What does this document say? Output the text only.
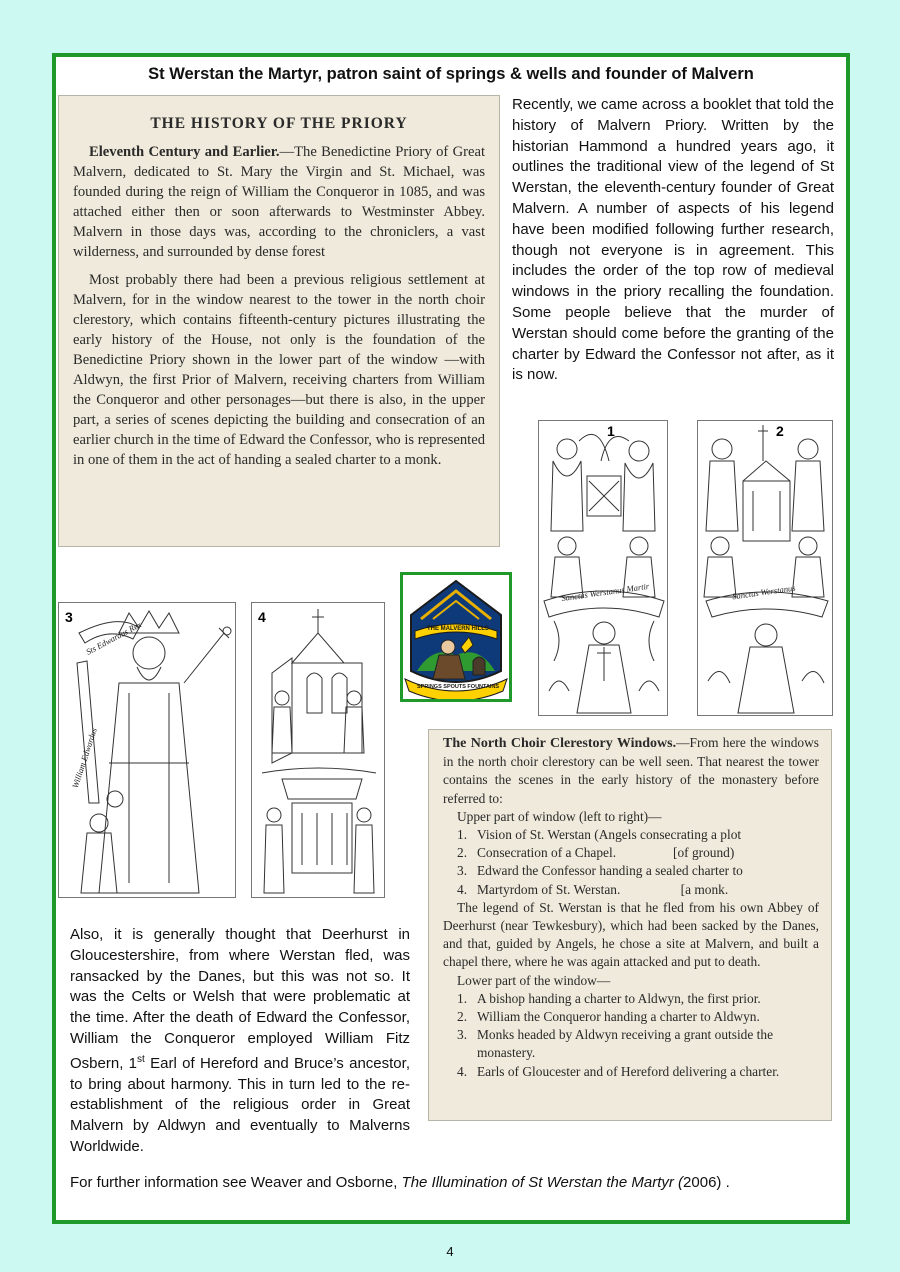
St Werstan the Martyr, patron saint of springs & wells and founder of Malvern
THE HISTORY OF THE PRIORY

Eleventh Century and Earlier.—The Benedictine Priory of Great Malvern, dedicated to St. Mary the Virgin and St. Michael, was founded during the reign of William the Conqueror in 1085, and was attached either then or soon afterwards to Westminster Abbey. Malvern in those days was, according to the chroniclers, a vast wilderness, and surrounded by dense forest

Most probably there had been a previous religious settlement at Malvern, for in the window nearest to the tower in the north choir clerestory, which contains fifteenth-century pictures illustrating the early history of the House, not only is the foundation of the Benedictine Priory shown in the lower part of the window —with Aldwyn, the first Prior of Malvern, receiving charters from William the Conqueror and other personages—but there is also, in the upper part, a series of scenes depicting the building and consecration of an earlier church in the time of Edward the Confessor, who is represented in one of them in the act of handing a sealed charter to a monk.

Recently, we came across a booklet that told the history of Malvern Priory. Written by the historian Hammond a hundred years ago, it outlines the traditional view of the legend of St Werstan, the eleventh-century founder of Great Malvern. A number of aspects of his legend have been modified following further research, though not everyone is in agreement. This includes the order of the top row of medieval windows in the priory recalling the foundation. Some people believe that the murder of Werstan should come before the granting of the charter by Edward the Confessor not after, as it is now.
1
Sanctus Werstanus Martir
2
Sanctus Werstanus
3
Sts Edwardus Rex
William Edwardus
4
THE MALVERN HILLS
SPRINGS SPOUTS FOUNTAINS

The North Choir Clerestory Windows.—From here the windows in the north choir clerestory can be well seen. That nearest the tower contains the scenes in the early history of the monastery before referred to:

Upper part of window (left to right)—

1. Vision of St. Werstan (Angels consecrating a plot
2. Consecration of a Chapel.                 [of ground)
3. Edward the Confessor handing a sealed charter to
4. Martyrdom of St. Werstan.                  [a monk.

The legend of St. Werstan is that he fled from his own Abbey of Deerhurst (near Tewkesbury), which had been sacked by the Danes, and that, guided by Angels, he chose a site at Malvern, and built a chapel there, where he was again attacked and put to death.

Lower part of the window—

1. A bishop handing a charter to Aldwyn, the first prior.
2. William the Conqueror handing a charter to Aldwyn.
3. Monks headed by Aldwyn receiving a grant outside the monastery.
4. Earls of Gloucester and of Hereford delivering a charter.
Also, it is generally thought that Deerhurst in Gloucestershire, from where Werstan fled, was ransacked by the Danes, but this was not so. It was the Celts or Welsh that were problematic at the time. After the death of Edward the Confessor, William the Conqueror employed William Fitz Osbern, 1st Earl of Hereford and Bruce’s ancestor, to bring about harmony. This in turn led to the re-establishment of the religious order in Great Malvern by Aldwyn and eventually to Malverns Worldwide.
For further information see Weaver and Osborne, The Illumination of St Werstan the Martyr (2006) .
4
